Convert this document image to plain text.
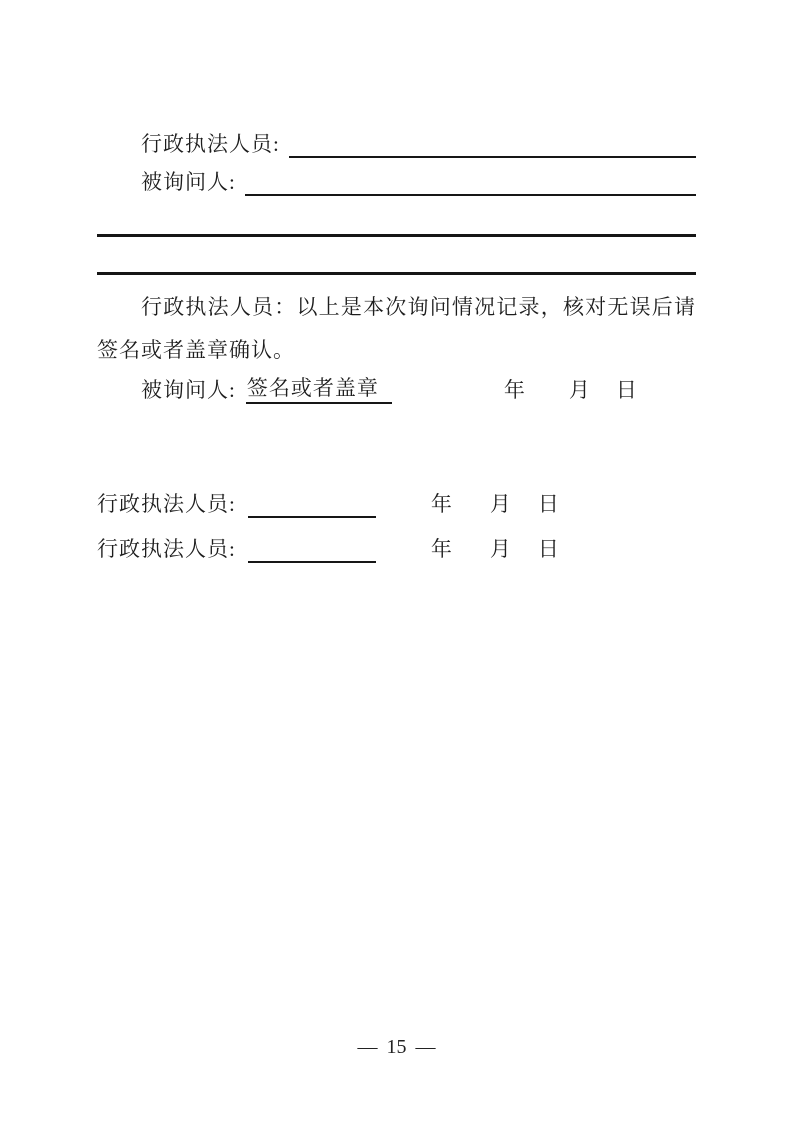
行政执法人员:
被询问人:
行政执法人员：以上是本次询问情况记录，核对无误后请签名或者盖章确认。
被询问人: 签名或者盖章	年 月 日
行政执法人员:	年 月 日
行政执法人员:	年 月 日
— 15 —
